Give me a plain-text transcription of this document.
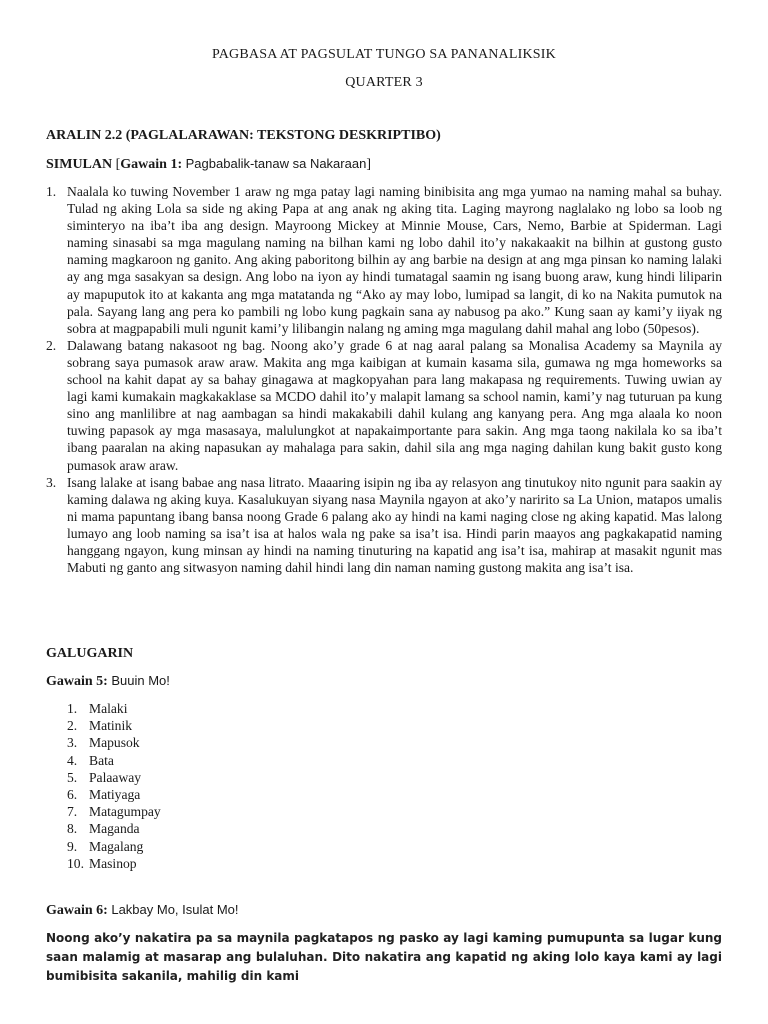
PAGBASA AT PAGSULAT TUNGO SA PANANALIKSIK
QUARTER 3
ARALIN 2.2 (PAGLALARAWAN: TEKSTONG DESKRIPTIBO)
SIMULAN [Gawain 1: Pagbabalik-tanaw sa Nakaraan]
1. Naalala ko tuwing November 1 araw ng mga patay lagi naming binibisita ang mga yumao na naming mahal sa buhay. Tulad ng aking Lola sa side ng aking Papa at ang anak ng aking tita. Laging mayrong naglalako ng lobo sa loob ng siminteryo na iba’t iba ang design. Mayroong Mickey at Minnie Mouse, Cars, Nemo, Barbie at Spiderman. Lagi naming sinasabi sa mga magulang naming na bilhan kami ng lobo dahil ito’y nakakaakit na bilhin at gustong gusto naming magkaroon ng ganito. Ang aking paboritong bilhin ay ang barbie na design at ang mga pinsan ko naming lalaki ay ang mga sasakyan sa design. Ang lobo na iyon ay hindi tumatagal saamin ng isang buong araw, kung hindi liliparin ay mapuputok ito at kakanta ang mga matatanda ng “Ako ay may lobo, lumipad sa langit, di ko na Nakita pumutok na pala. Sayang lang ang pera ko pambili ng lobo kung pagkain sana ay nabusog pa ako.” Kung saan ay kami’y iiyak ng sobra at magpapabili muli ngunit kami’y lilibangin nalang ng aming mga magulang dahil mahal ang lobo (50pesos).
2. Dalawang batang nakasoot ng bag. Noong ako’y grade 6 at nag aaral palang sa Monalisa Academy sa Maynila ay sobrang saya pumasok araw araw. Makita ang mga kaibigan at kumain kasama sila, gumawa ng mga homeworks sa school na kahit dapat ay sa bahay ginagawa at magkopyahan para lang makapasa ng requirements. Tuwing uwian ay lagi kami kumakain magkakaklase sa MCDO dahil ito’y malapit lamang sa school namin, kami’y nag tuturuan pa kung sino ang manlilibre at nag aambagan sa hindi makakabili dahil kulang ang kanyang pera. Ang mga alaala ko noon tuwing papasok ay mga masasaya, malulungkot at napakaimportante para sakin. Ang mga taong nakilala ko sa iba’t ibang paaralan na aking napasukan ay mahalaga para sakin, dahil sila ang mga naging dahilan kung bakit gusto kong pumasok araw araw.
3. Isang lalake at isang babae ang nasa litrato. Maaaring isipin ng iba ay relasyon ang tinutukoy nito ngunit para saakin ay kaming dalawa ng aking kuya. Kasalukuyan siyang nasa Maynila ngayon at ako’y naririto sa La Union, matapos umalis ni mama papuntang ibang bansa noong Grade 6 palang ako ay hindi na kami naging close ng aking kapatid. Mas lalong lumayo ang loob naming sa isa’t isa at halos wala ng pake sa isa’t isa. Hindi parin maayos ang pagkakapatid naming hanggang ngayon, kung minsan ay hindi na naming tinuturing na kapatid ang isa’t isa, mahirap at masakit ngunit mas Mabuti ng ganto ang sitwasyon naming dahil hindi lang din naman naming gustong makita ang isa’t isa.
GALUGARIN
Gawain 5: Buuin Mo!
1. Malaki
2. Matinik
3. Mapusok
4. Bata
5. Palaaway
6. Matiyaga
7. Matagumpay
8. Maganda
9. Magalang
10. Masinop
Gawain 6: Lakbay Mo, Isulat Mo!
Noong ako’y nakatira pa sa maynila pagkatapos ng pasko ay lagi kaming pumupunta sa lugar kung saan malamig at masarap ang bulaluhan. Dito nakatira ang kapatid ng aking lolo kaya kami ay lagi bumibisita sakanila, mahilig din kami
